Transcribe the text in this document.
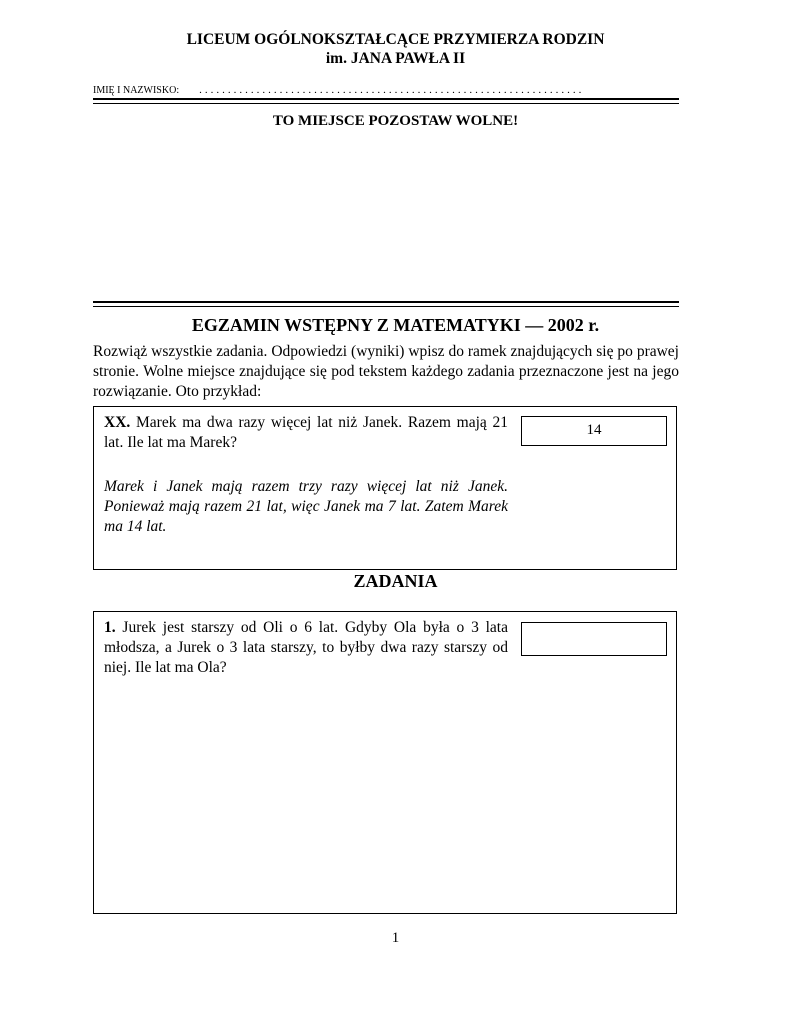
LICEUM OGÓLNOKSZTAŁCĄCE PRZYMIERZA RODZIN
im. JANA PAWŁA II
IMIĘ I NAZWISKO: ...................................................................
TO MIEJSCE POZOSTAW WOLNE!
EGZAMIN WSTĘPNY Z MATEMATYKI — 2002 r.
Rozwiąż wszystkie zadania. Odpowiedzi (wyniki) wpisz do ramek znajdujących się po prawej stronie. Wolne miejsce znajdujące się pod tekstem każdego zadania przeznaczone jest na jego rozwiązanie. Oto przykład:
XX. Marek ma dwa razy więcej lat niż Janek. Razem mają 21 lat. Ile lat ma Marek?
14
Marek i Janek mają razem trzy razy więcej lat niż Janek. Ponieważ mają razem 21 lat, więc Janek ma 7 lat. Zatem Marek ma 14 lat.
ZADANIA
1. Jurek jest starszy od Oli o 6 lat. Gdyby Ola była o 3 lata młodsza, a Jurek o 3 lata starszy, to byłby dwa razy starszy od niej. Ile lat ma Ola?
1
